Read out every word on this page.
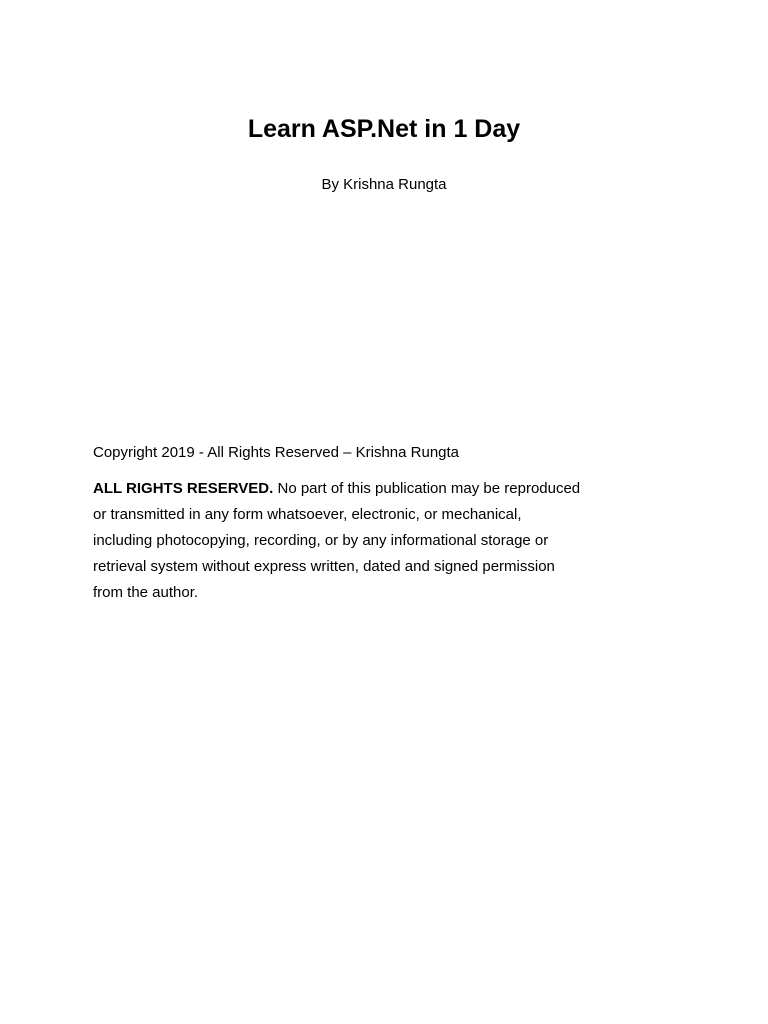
Learn ASP.Net in 1 Day

By Krishna Rungta

Copyright 2019 - All Rights Reserved – Krishna Rungta

ALL RIGHTS RESERVED. No part of this publication may be reproduced
or transmitted in any form whatsoever, electronic, or mechanical,
including photocopying, recording, or by any informational storage or
retrieval system without express written, dated and signed permission
from the author.
